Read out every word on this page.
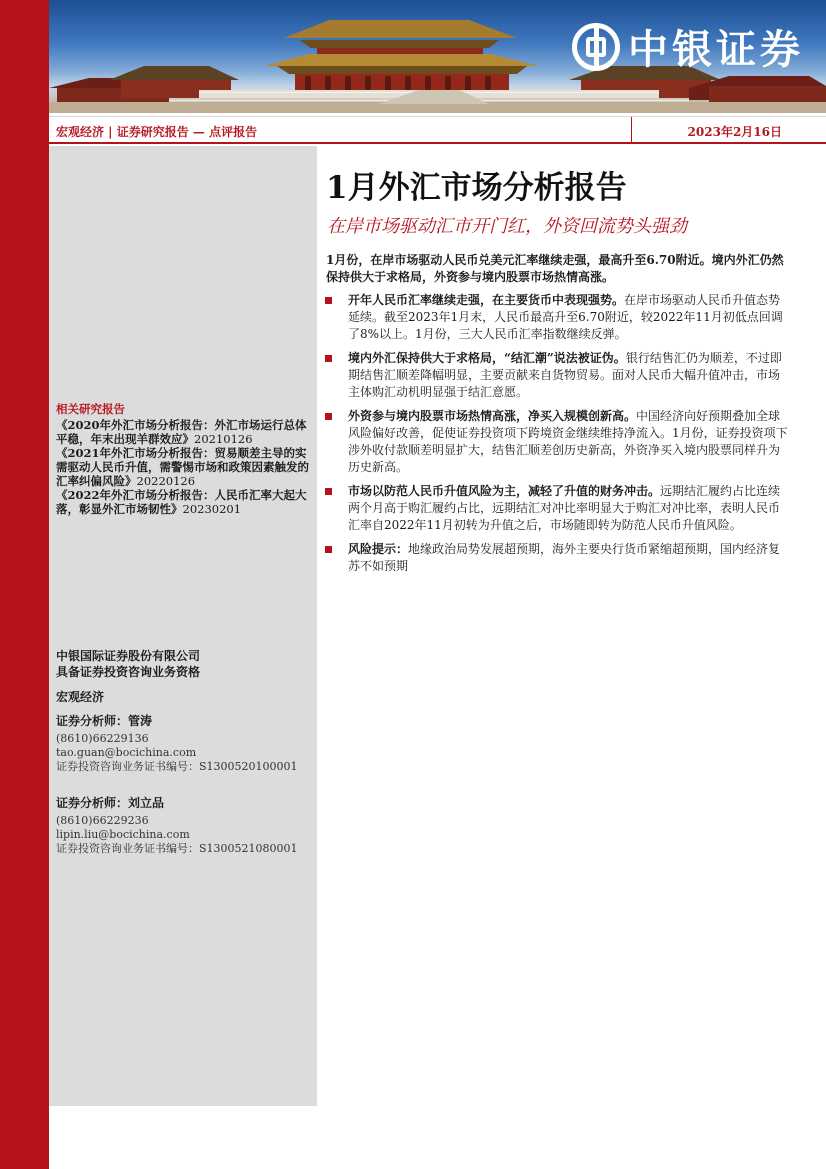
中银证券
宏观经济 | 证券研究报告 — 点评报告	2023年2月16日
相关研究报告
《2020年外汇市场分析报告：外汇市场运行总体平稳，年末出现羊群效应》20210126
《2021年外汇市场分析报告：贸易顺差主导的实需驱动人民币升值，需警惕市场和政策因素触发的汇率纠偏风险》20220126
《2022年外汇市场分析报告：人民币汇率大起大落，彰显外汇市场韧性》20230201
中银国际证券股份有限公司
具备证券投资咨询业务资格
宏观经济
证券分析师：管涛
(8610)66229136
tao.guan@bocichina.com
证券投资咨询业务证书编号：S1300520100001
证券分析师：刘立品
(8610)66229236
lipin.liu@bocichina.com
证券投资咨询业务证书编号：S1300521080001
1月外汇市场分析报告
在岸市场驱动汇市开门红，外资回流势头强劲

1月份，在岸市场驱动人民币兑美元汇率继续走强，最高升至6.70附近。境内外汇仍然保持供大于求格局，外资参与境内股票市场热情高涨。

开年人民币汇率继续走强，在主要货币中表现强势。在岸市场驱动人民币升值态势延续。截至2023年1月末，人民币最高升至6.70附近，较2022年11月初低点回调了8%以上。1月份，三大人民币汇率指数继续反弹。
境内外汇保持供大于求格局，“结汇潮”说法被证伪。银行结售汇仍为顺差，不过即期结售汇顺差降幅明显，主要贡献来自货物贸易。面对人民币大幅升值冲击，市场主体购汇动机明显强于结汇意愿。
外资参与境内股票市场热情高涨，净买入规模创新高。中国经济向好预期叠加全球风险偏好改善，促使证券投资项下跨境资金继续维持净流入。1月份，证券投资项下涉外收付款顺差明显扩大，结售汇顺差创历史新高，外资净买入境内股票同样升为历史新高。
市场以防范人民币升值风险为主，减轻了升值的财务冲击。远期结汇履约占比连续两个月高于购汇履约占比，远期结汇对冲比率明显大于购汇对冲比率，表明人民币汇率自2022年11月初转为升值之后，市场随即转为防范人民币升值风险。
风险提示：地缘政治局势发展超预期，海外主要央行货币紧缩超预期，国内经济复苏不如预期
